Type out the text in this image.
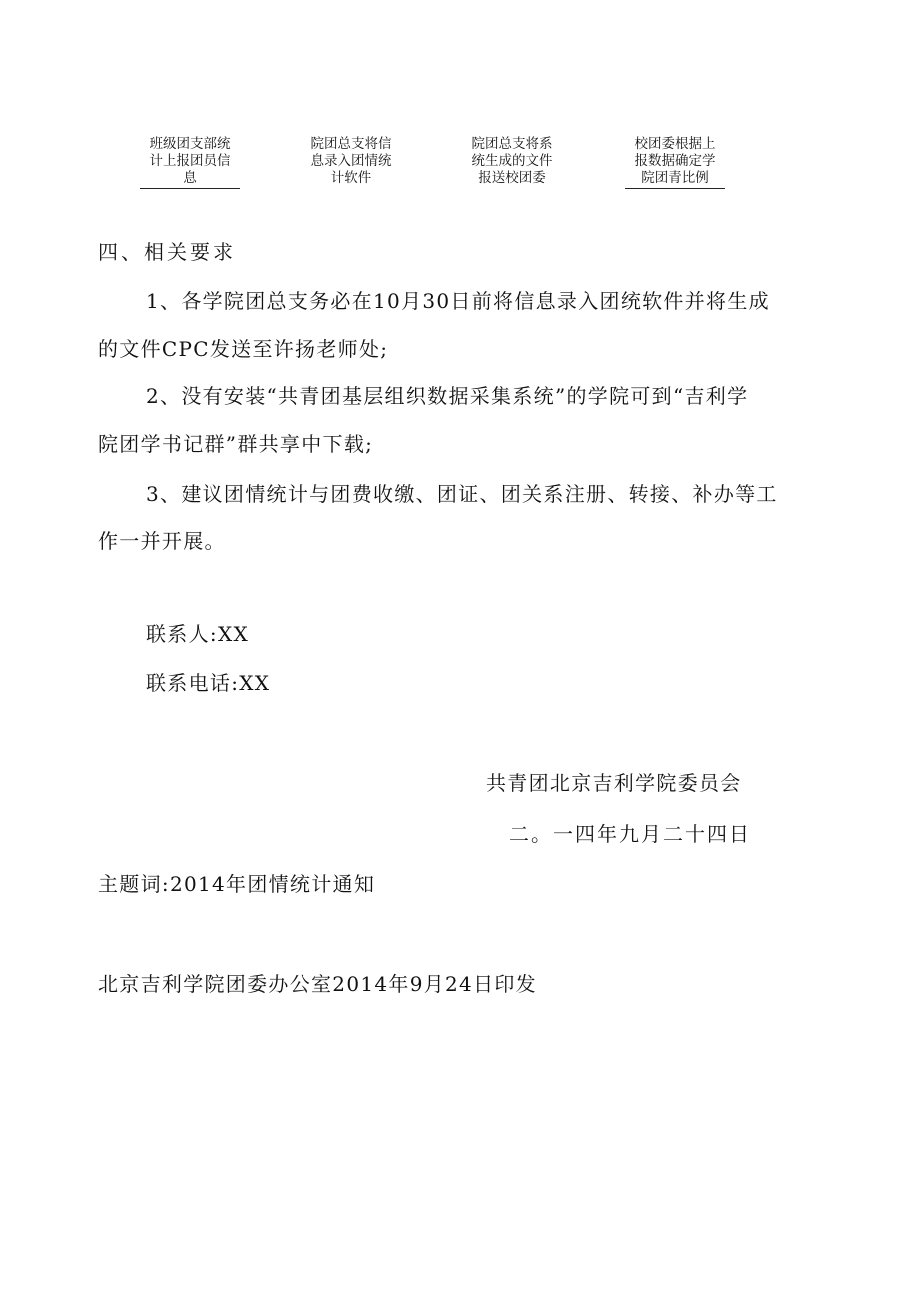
班级团支部统
计上报团员信
息
院团总支将信
息录入团情统
计软件
院团总支将系
统生成的文件
报送校团委
校团委根据上
报数据确定学
院团青比例
四、相关要求
1、各学院团总支务必在10月30日前将信息录入团统软件并将生成
的文件CPC发送至许扬老师处;
2、没有安装“共青团基层组织数据采集系统”的学院可到“吉利学
院团学书记群”群共享中下载;
3、建议团情统计与团费收缴、团证、团关系注册、转接、补办等工
作一并开展。
联系人:XX
联系电话:XX
共青团北京吉利学院委员会
二。一四年九月二十四日
主题词:2014年团情统计通知
北京吉利学院团委办公室2014年9月24日印发
